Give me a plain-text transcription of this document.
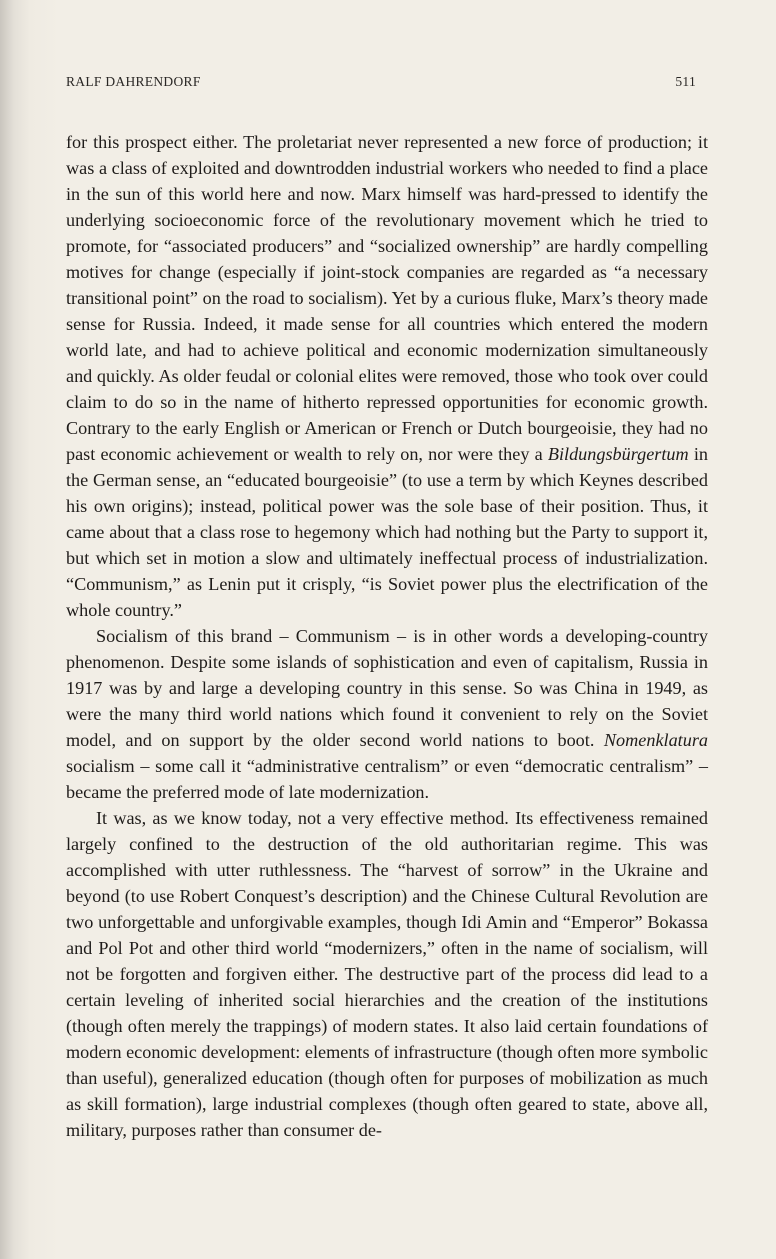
RALF DAHRENDORF	511

for this prospect either. The proletariat never represented a new force of production; it was a class of exploited and downtrodden industrial workers who needed to find a place in the sun of this world here and now. Marx himself was hard-pressed to identify the underlying socioeconomic force of the revolutionary movement which he tried to promote, for “associated producers” and “socialized ownership” are hardly compelling motives for change (especially if joint-stock companies are regarded as “a necessary transitional point” on the road to socialism). Yet by a curious fluke, Marx’s theory made sense for Russia. Indeed, it made sense for all countries which entered the modern world late, and had to achieve political and economic modernization simultaneously and quickly. As older feudal or colonial elites were removed, those who took over could claim to do so in the name of hitherto repressed opportunities for economic growth. Contrary to the early English or American or French or Dutch bourgeoisie, they had no past economic achievement or wealth to rely on, nor were they a Bildungsbürgertum in the German sense, an “educated bourgeoisie” (to use a term by which Keynes described his own origins); instead, political power was the sole base of their position. Thus, it came about that a class rose to hegemony which had nothing but the Party to support it, but which set in motion a slow and ultimately ineffectual process of industrialization. “Communism,” as Lenin put it crisply, “is Soviet power plus the electrification of the whole country.”

Socialism of this brand – Communism – is in other words a developing-country phenomenon. Despite some islands of sophistication and even of capitalism, Russia in 1917 was by and large a developing country in this sense. So was China in 1949, as were the many third world nations which found it convenient to rely on the Soviet model, and on support by the older second world nations to boot. Nomenklatura socialism – some call it “administrative centralism” or even “democratic centralism” – became the preferred mode of late modernization.

It was, as we know today, not a very effective method. Its effectiveness remained largely confined to the destruction of the old authoritarian regime. This was accomplished with utter ruthlessness. The “harvest of sorrow” in the Ukraine and beyond (to use Robert Conquest’s description) and the Chinese Cultural Revolution are two unforgettable and unforgivable examples, though Idi Amin and “Emperor” Bokassa and Pol Pot and other third world “modernizers,” often in the name of socialism, will not be forgotten and forgiven either. The destructive part of the process did lead to a certain leveling of inherited social hierarchies and the creation of the institutions (though often merely the trappings) of modern states. It also laid certain foundations of modern economic development: elements of infrastructure (though often more symbolic than useful), generalized education (though often for purposes of mobilization as much as skill formation), large industrial complexes (though often geared to state, above all, military, purposes rather than consumer de-
